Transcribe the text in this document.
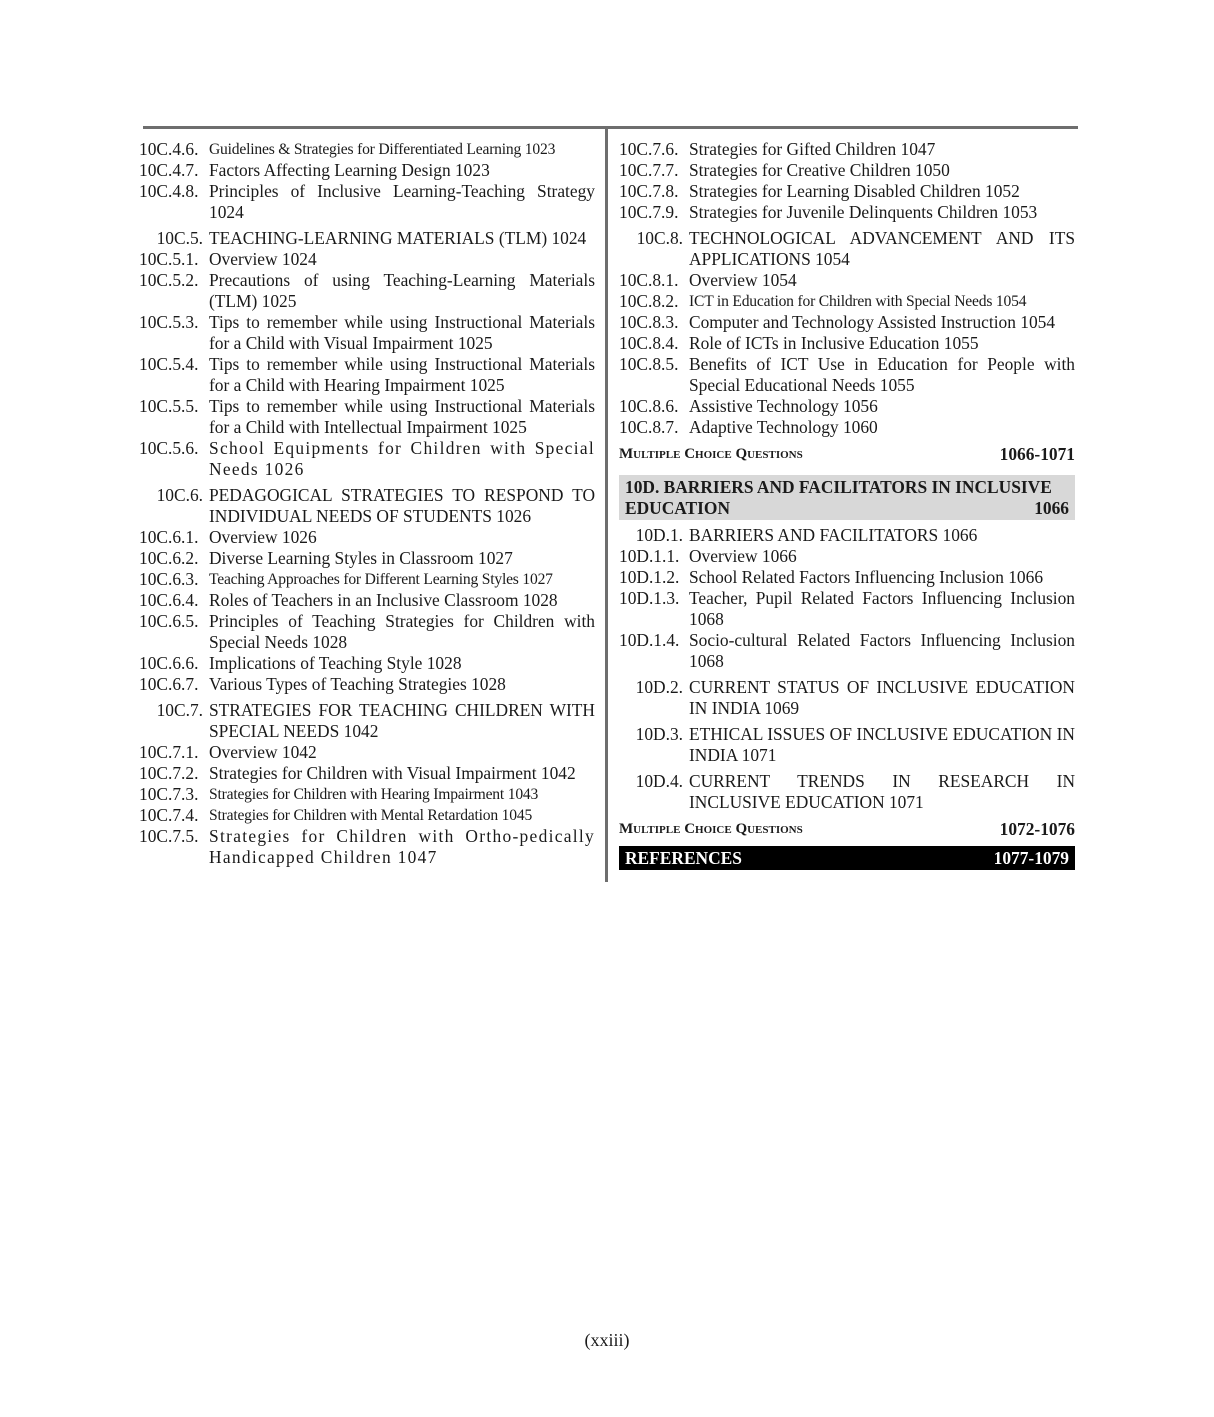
10C.4.6. Guidelines & Strategies for Differentiated Learning 1023
10C.4.7. Factors Affecting Learning Design 1023
10C.4.8. Principles of Inclusive Learning-Teaching Strategy 1024
10C.5. TEACHING-LEARNING MATERIALS (TLM) 1024
10C.5.1. Overview 1024
10C.5.2. Precautions of using Teaching-Learning Materials (TLM) 1025
10C.5.3. Tips to remember while using Instructional Materials for a Child with Visual Impairment 1025
10C.5.4. Tips to remember while using Instructional Materials for a Child with Hearing Impairment 1025
10C.5.5. Tips to remember while using Instructional Materials for a Child with Intellectual Impairment 1025
10C.5.6. School Equipments for Children with Special Needs 1026
10C.6. PEDAGOGICAL STRATEGIES TO RESPOND TO INDIVIDUAL NEEDS OF STUDENTS 1026
10C.6.1. Overview 1026
10C.6.2. Diverse Learning Styles in Classroom 1027
10C.6.3. Teaching Approaches for Different Learning Styles 1027
10C.6.4. Roles of Teachers in an Inclusive Classroom 1028
10C.6.5. Principles of Teaching Strategies for Children with Special Needs 1028
10C.6.6. Implications of Teaching Style 1028
10C.6.7. Various Types of Teaching Strategies 1028
10C.7. STRATEGIES FOR TEACHING CHILDREN WITH SPECIAL NEEDS 1042
10C.7.1. Overview 1042
10C.7.2. Strategies for Children with Visual Impairment 1042
10C.7.3. Strategies for Children with Hearing Impairment 1043
10C.7.4. Strategies for Children with Mental Retardation 1045
10C.7.5. Strategies for Children with Ortho-pedically Handicapped Children 1047
10C.7.6. Strategies for Gifted Children 1047
10C.7.7. Strategies for Creative Children 1050
10C.7.8. Strategies for Learning Disabled Children 1052
10C.7.9. Strategies for Juvenile Delinquents Children 1053
10C.8. TECHNOLOGICAL ADVANCEMENT AND ITS APPLICATIONS 1054
10C.8.1. Overview 1054
10C.8.2. ICT in Education for Children with Special Needs 1054
10C.8.3. Computer and Technology Assisted Instruction 1054
10C.8.4. Role of ICTs in Inclusive Education 1055
10C.8.5. Benefits of ICT Use in Education for People with Special Educational Needs 1055
10C.8.6. Assistive Technology 1056
10C.8.7. Adaptive Technology 1060
Multiple Choice Questions	1066-1071
10D. BARRIERS AND FACILITATORS IN INCLUSIVE
EDUCATION	1066
10D.1. BARRIERS AND FACILITATORS 1066
10D.1.1. Overview 1066
10D.1.2. School Related Factors Influencing Inclusion 1066
10D.1.3. Teacher, Pupil Related Factors Influencing Inclusion 1068
10D.1.4. Socio-cultural Related Factors Influencing Inclusion 1068
10D.2. CURRENT STATUS OF INCLUSIVE EDUCATION IN INDIA 1069
10D.3. ETHICAL ISSUES OF INCLUSIVE EDUCATION IN INDIA 1071
10D.4. CURRENT TRENDS IN RESEARCH IN INCLUSIVE EDUCATION 1071
Multiple Choice Questions	1072-1076
REFERENCES	1077-1079
(xxiii)
